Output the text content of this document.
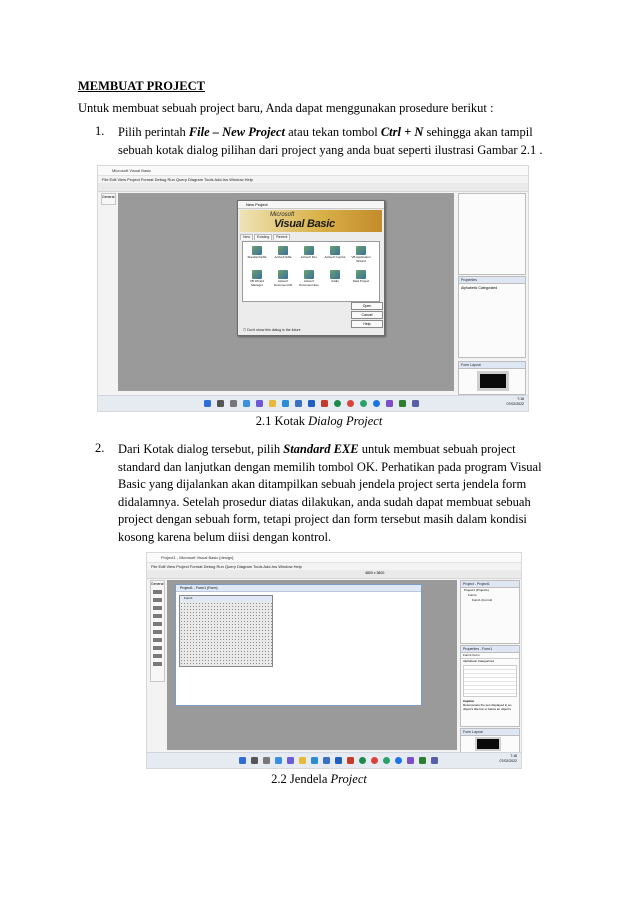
MEMBUAT PROJECT
Untuk membuat sebuah project baru, Anda dapat menggunakan prosedure berikut :
1. Pilih perintah File – New Project atau tekan tombol Ctrl + N sehingga akan tampil
sebuah kotak dialog pilihan dari project yang anda buat seperti ilustrasi Gambar 2.1 .
Microsoft Visual Basic
File Edit View Project Format Debug Run Query Diagram Tools Add-Ins Window Help
General
New Project
Microsoft
Visual Basic
New Existing Recent
Standard EXE	ActiveX EXE	ActiveX DLL	ActiveX Control	VB Application Wizard
VB Wizard Manager
ActiveX Document Dll
ActiveX Document Exe
Addin	Data Project
Open
Cancel
Help
☐ Don't show this dialog in the future
Properties
Alphabetic Categorized
Form Layout
7:18
07/02/2022
2.1 Kotak Dialog Project
2. Dari Kotak dialog tersebut, pilih Standard EXE untuk membuat sebuah project
standard dan lanjutkan dengan memilih tombol OK. Perhatikan pada program Visual
Basic yang dijalankan akan ditampilkan sebuah jendela project serta jendela form
didalamnya. Setelah prosedur diatas dilakukan, anda sudah dapat membuat sebuah
project dengan sebuah form, tetapi project dan form tersebut masih dalam kondisi
kosong karena belum diisi dengan kontrol.
Project1 - Microsoft Visual Basic [design]
File Edit View Project Format Debug Run Query Diagram Tools Add-Ins Window Help
4800 x 3600
General
Project1 - Form1 (Form)
Form1
Project - Project1
Project1 (Project1)
Forms
Form1 (Form1)
Properties - Form1
Form1 Form
Alphabetic Categorized
Caption
Returns/sets the text displayed in an object's title bar or below an object's
Form Layout
7:18
07/02/2022
2.2 Jendela Project
